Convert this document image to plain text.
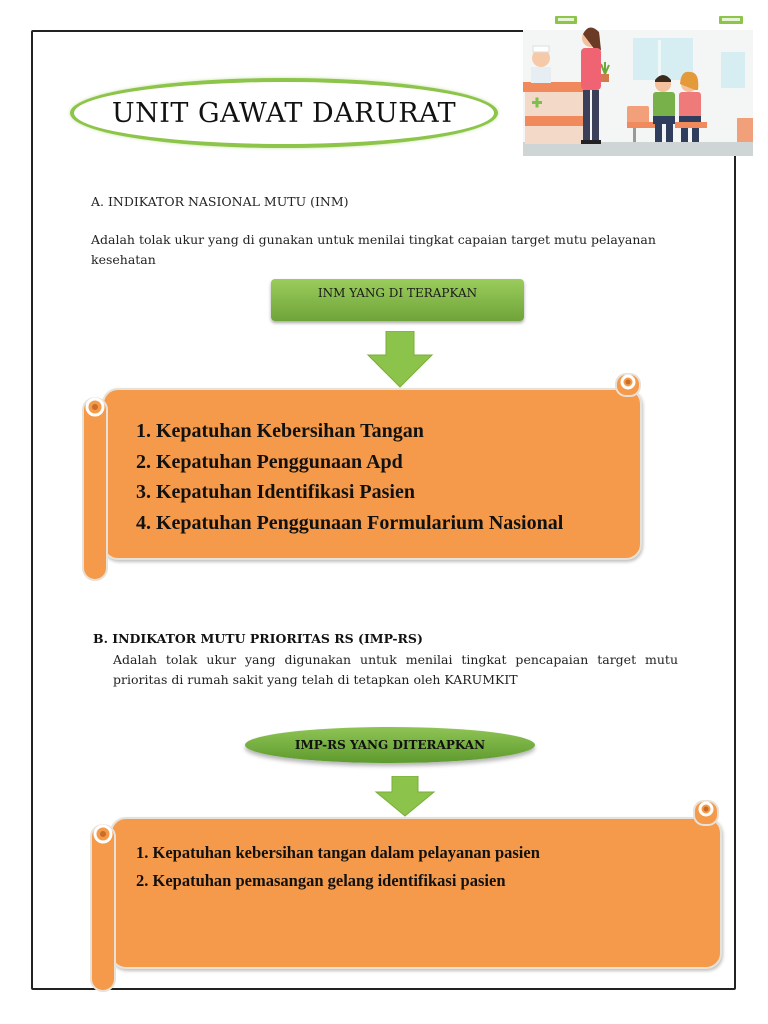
UNIT GAWAT DARURAT
A. INDIKATOR NASIONAL MUTU (INM)
Adalah tolak ukur yang di gunakan untuk menilai tingkat capaian target mutu pelayanan kesehatan
INM YANG DI TERAPKAN
1. Kepatuhan Kebersihan Tangan
2. Kepatuhan Penggunaan Apd
3. Kepatuhan Identifikasi Pasien
4. Kepatuhan Penggunaan Formularium Nasional
B. INDIKATOR MUTU PRIORITAS RS (IMP-RS)
Adalah tolak ukur yang digunakan untuk menilai tingkat pencapaian target mutu prioritas di rumah sakit yang telah di tetapkan oleh KARUMKIT
IMP-RS YANG DITERAPKAN
1. Kepatuhan kebersihan tangan dalam pelayanan pasien
2. Kepatuhan pemasangan gelang identifikasi pasien
